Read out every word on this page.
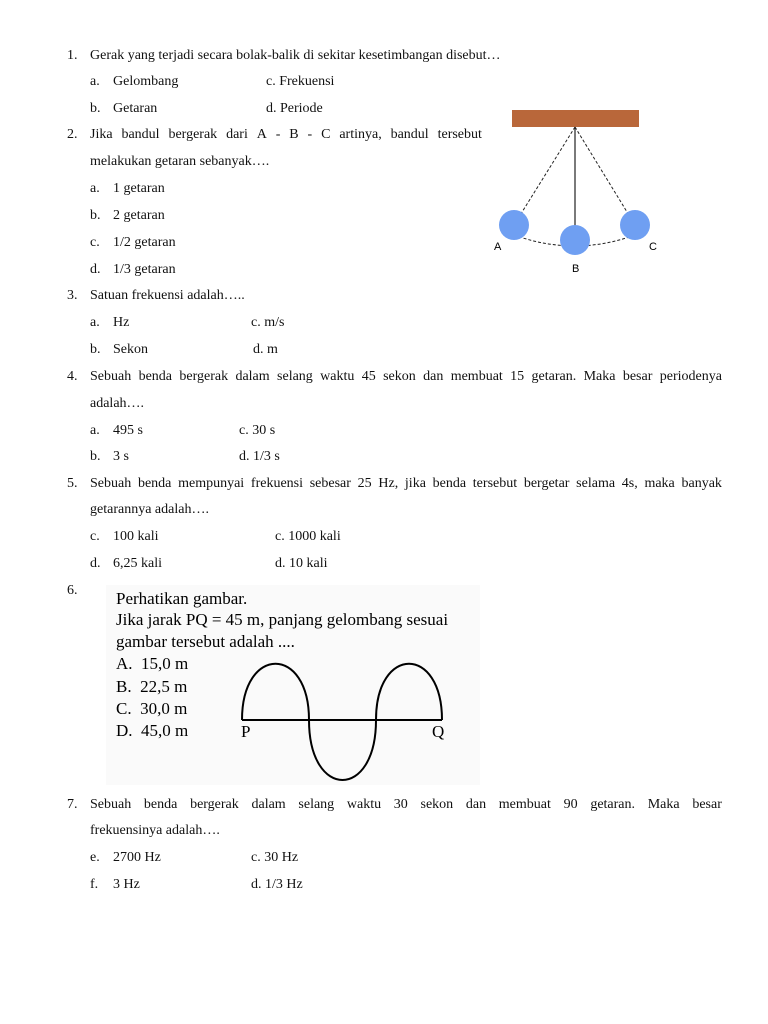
1. Gerak yang terjadi secara bolak-balik di sekitar kesetimbangan disebut…
a. Gelombang	c. Frekuensi
b. Getaran	d. Periode
2. Jika bandul bergerak dari A - B - C artinya, bandul tersebut
melakukan getaran sebanyak….
a. 1 getaran
b. 2 getaran
c. 1/2 getaran
d. 1/3 getaran
A
B
C
3. Satuan frekuensi adalah…..
a. Hz	c. m/s
b. Sekon	d. m
4. Sebuah benda bergerak dalam selang waktu 45 sekon dan membuat 15 getaran. Maka besar periodenya
adalah….
a. 495 s	c. 30 s
b. 3 s	d. 1/3 s
5. Sebuah benda mempunyai frekuensi sebesar 25 Hz, jika benda tersebut bergetar selama 4s, maka banyak
getarannya adalah….
c. 100 kali	c. 1000 kali
d. 6,25 kali	d. 10 kali
6. Perhatikan gambar.
Jika jarak PQ = 45 m, panjang gelombang sesuai
gambar tersebut adalah ....
A. 15,0 m
B. 22,5 m
C. 30,0 m
D. 45,0 m	P	Q
7. Sebuah benda bergerak dalam selang waktu 30 sekon dan membuat 90 getaran. Maka besar
frekuensinya adalah….
e. 2700 Hz	c. 30 Hz
f. 3 Hz	d. 1/3 Hz
